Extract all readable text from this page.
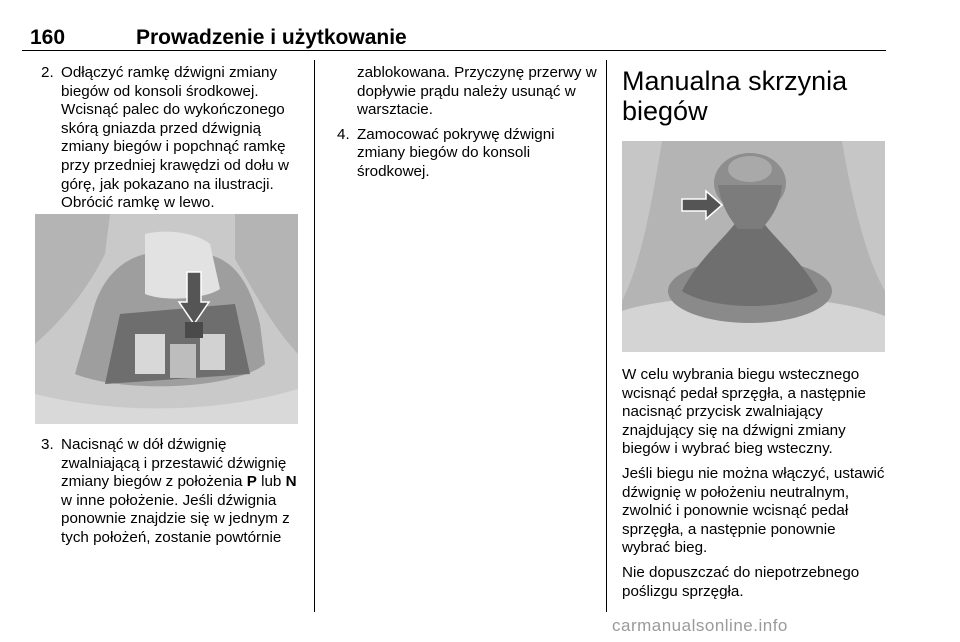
160	Prowadzenie i użytkowanie
2. Odłączyć ramkę dźwigni zmiany biegów od konsoli środkowej. Wcisnąć palec do wykończonego skórą gniazda przed dźwignią zmiany biegów i popchnąć ramkę przy przedniej krawędzi od dołu w górę, jak pokazano na ilustracji. Obrócić ramkę w lewo.

3. Nacisnąć w dół dźwignię zwalniającą i przestawić dźwignię zmiany biegów z położenia P lub N w inne położenie. Jeśli dźwignia ponownie znajdzie się w jednym z tych położeń, zostanie powtórnie

zablokowana. Przyczynę przerwy w dopływie prądu należy usunąć w warsztacie.

4. Zamocować pokrywę dźwigni zmiany biegów do konsoli środkowej.

Manualna skrzynia biegów

W celu wybrania biegu wstecznego wcisnąć pedał sprzęgła, a następnie nacisnąć przycisk zwalniający znajdujący się na dźwigni zmiany biegów i wybrać bieg wsteczny.

Jeśli biegu nie można włączyć, ustawić dźwignię w położeniu neutralnym, zwolnić i ponownie wcisnąć pedał sprzęgła, a następnie ponownie wybrać bieg.

Nie dopuszczać do niepotrzebnego poślizgu sprzęgła.

carmanualsonline.info
